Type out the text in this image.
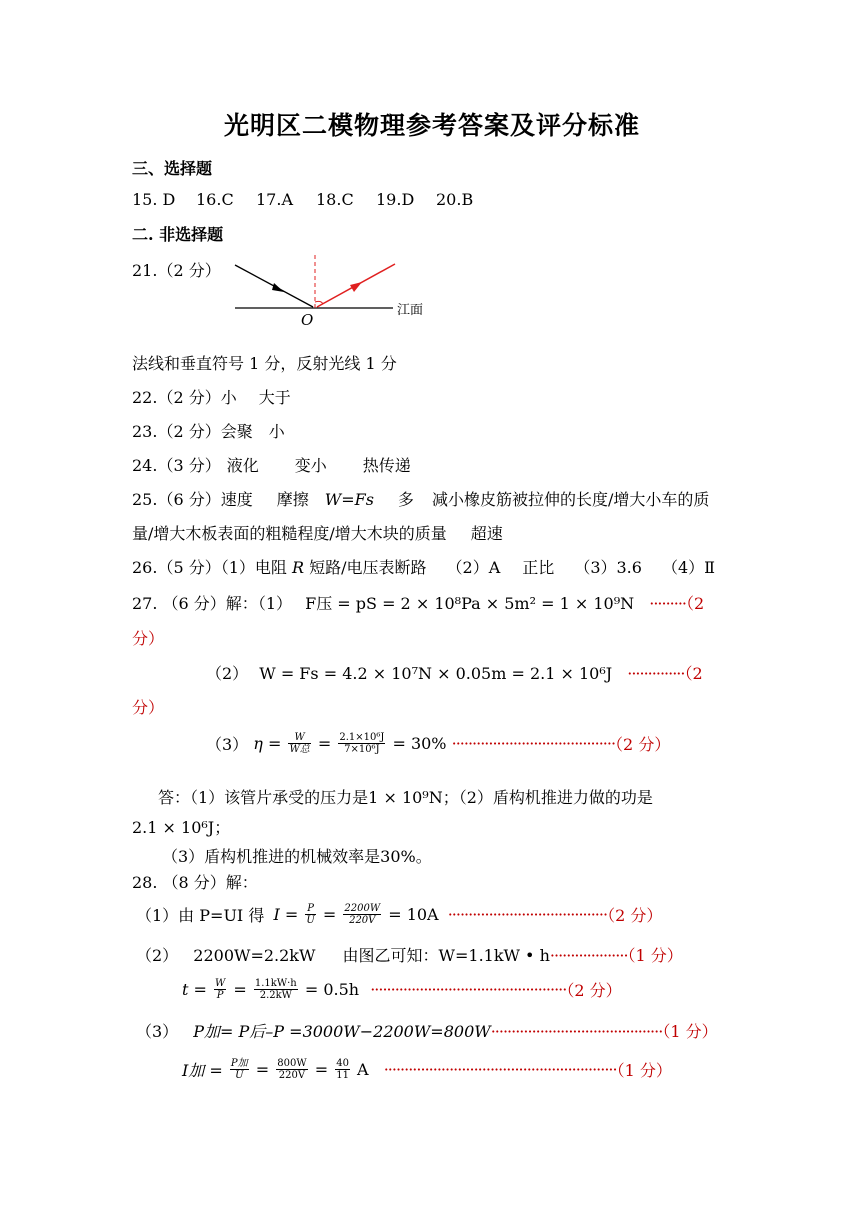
光明区二模物理参考答案及评分标准
三、选择题
15. D 16.C 17.A 18.C 19.D 20.B
二. 非选择题
21.（2 分）
O
江面
法线和垂直符号 1 分，反射光线 1 分
22.（2 分）小 大于
23.（2 分）会聚 小
24.（3 分） 液化 变小 热传递
25.（6 分）速度 摩擦 W=Fs 多 减小橡皮筋被拉伸的长度/增大小车的质
量/增大木板表面的粗糙程度/增大木块的质量 超速
26.（5 分）（1）电阻 R 短路/电压表断路 （2）A 正比 （3）3.6 （4）Ⅱ
27. （6 分）解：（1） F压 = pS = 2 × 10⁸Pa × 5m² = 1 × 10⁹N ·········（2
分）
（2） W = Fs = 4.2 × 10⁷N × 0.05m = 2.1 × 10⁶J ··············（2
分）
（3） $\eta = \frac{W}{\text{W总}} = \frac{\text{2.1×10⁶J}}{\text{7×10⁶J}} = 30\% \cdot\cdot\cdot\cdot\cdot\cdot\cdot\cdot\cdot\cdot\cdot\cdot\cdot\cdot\cdot\cdot\cdot\cdot\cdot\cdot\cdot\cdot\cdot\cdot\cdot\cdot\cdot\cdot\cdot\cdot\cdot\cdot\cdot\cdot\cdot\cdot\cdot\cdot\cdot\cdot(2$ 分）
答：（1）该管片承受的压力是1 × 10⁹N；（2）盾构机推进力做的功是
2.1 × 10⁶J；
（3）盾构机推进的机械效率是30%。
28. （8 分）解：
（1）由 P=UI 得 $I = \frac{P}{U} = \frac{2200W}{220V} = 10A \cdot\cdot\cdot\cdot\cdot\cdot\cdot\cdot\cdot\cdot\cdot\cdot\cdot\cdot\cdot\cdot\cdot\cdot\cdot\cdot\cdot\cdot\cdot\cdot\cdot\cdot\cdot\cdot\cdot\cdot\cdot\cdot\cdot\cdot\cdot\cdot\cdot\cdot\cdot(2$ 分）
（2） 2200W=2.2kW 由图乙可知：W=1.1kW • h···················（1 分）
$t = \frac{W}{P} = \frac{1.1kW\cdot h}{2.2kW} = 0.5h \cdot\cdot\cdot\cdot\cdot\cdot\cdot\cdot\cdot\cdot\cdot\cdot\cdot\cdot\cdot\cdot\cdot\cdot\cdot\cdot\cdot\cdot\cdot\cdot\cdot\cdot\cdot\cdot\cdot\cdot\cdot\cdot\cdot\cdot\cdot\cdot\cdot\cdot\cdot\cdot\cdot\cdot\cdot\cdot\cdot\cdot\cdot\cdot(2$ 分）
（3） P加= P后–P =3000W−2200W=800W··········································（1 分）
I加 = $\frac{\text{P加}}{U} = \frac{800W}{220V} = \frac{40}{11}$ A ·························································（1 分）
